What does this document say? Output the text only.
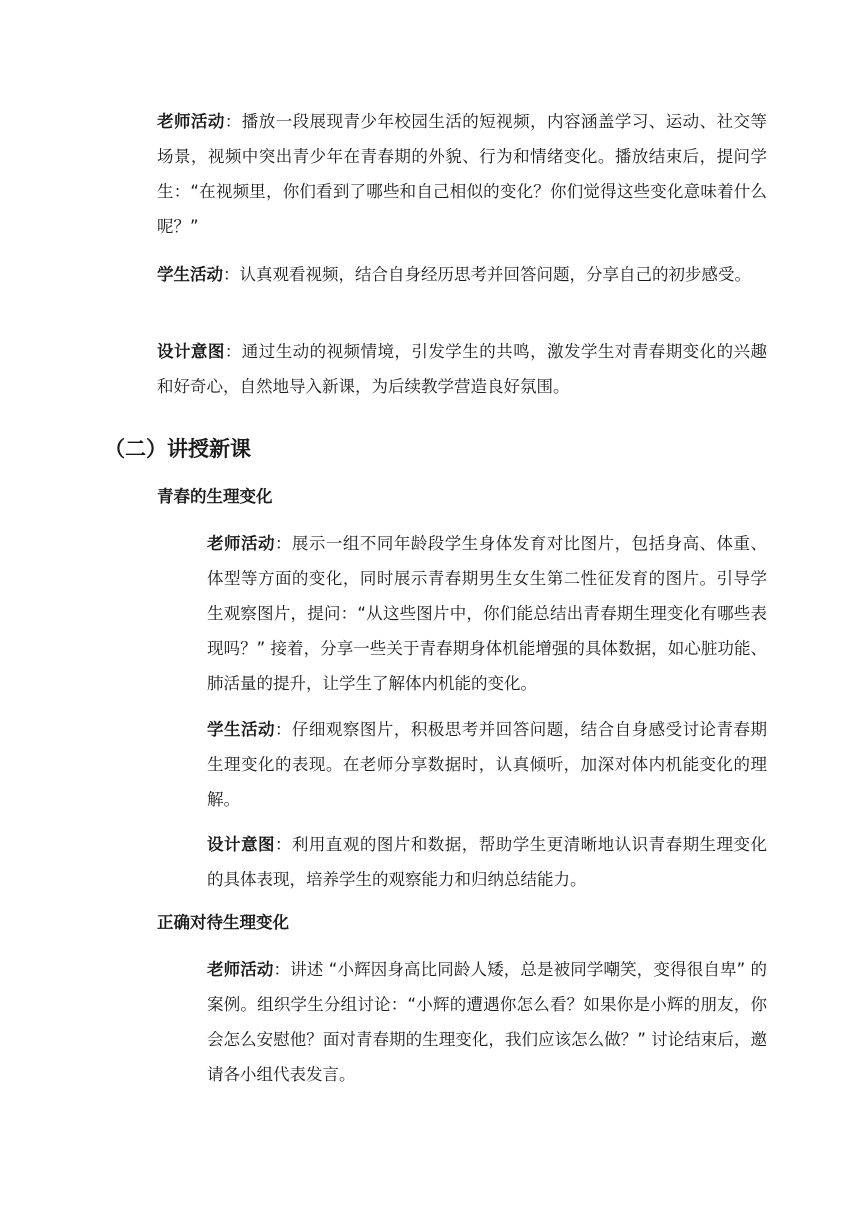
老师活动：播放一段展现青少年校园生活的短视频，内容涵盖学习、运动、社交等场景，视频中突出青少年在青春期的外貌、行为和情绪变化。播放结束后，提问学生：“在视频里，你们看到了哪些和自己相似的变化？你们觉得这些变化意味着什么呢？”

学生活动：认真观看视频，结合自身经历思考并回答问题，分享自己的初步感受。

设计意图：通过生动的视频情境，引发学生的共鸣，激发学生对青春期变化的兴趣和好奇心，自然地导入新课，为后续教学营造良好氛围。

（二）讲授新课
青春的生理变化

老师活动：展示一组不同年龄段学生身体发育对比图片，包括身高、体重、体型等方面的变化，同时展示青春期男生女生第二性征发育的图片。引导学生观察图片，提问：“从这些图片中，你们能总结出青春期生理变化有哪些表现吗？” 接着，分享一些关于青春期身体机能增强的具体数据，如心脏功能、肺活量的提升，让学生了解体内机能的变化。

学生活动：仔细观察图片，积极思考并回答问题，结合自身感受讨论青春期生理变化的表现。在老师分享数据时，认真倾听，加深对体内机能变化的理解。

设计意图：利用直观的图片和数据，帮助学生更清晰地认识青春期生理变化的具体表现，培养学生的观察能力和归纳总结能力。

正确对待生理变化

老师活动：讲述 “小辉因身高比同龄人矮，总是被同学嘲笑，变得很自卑” 的案例。组织学生分组讨论：“小辉的遭遇你怎么看？如果你是小辉的朋友，你会怎么安慰他？面对青春期的生理变化，我们应该怎么做？” 讨论结束后，邀请各小组代表发言。
